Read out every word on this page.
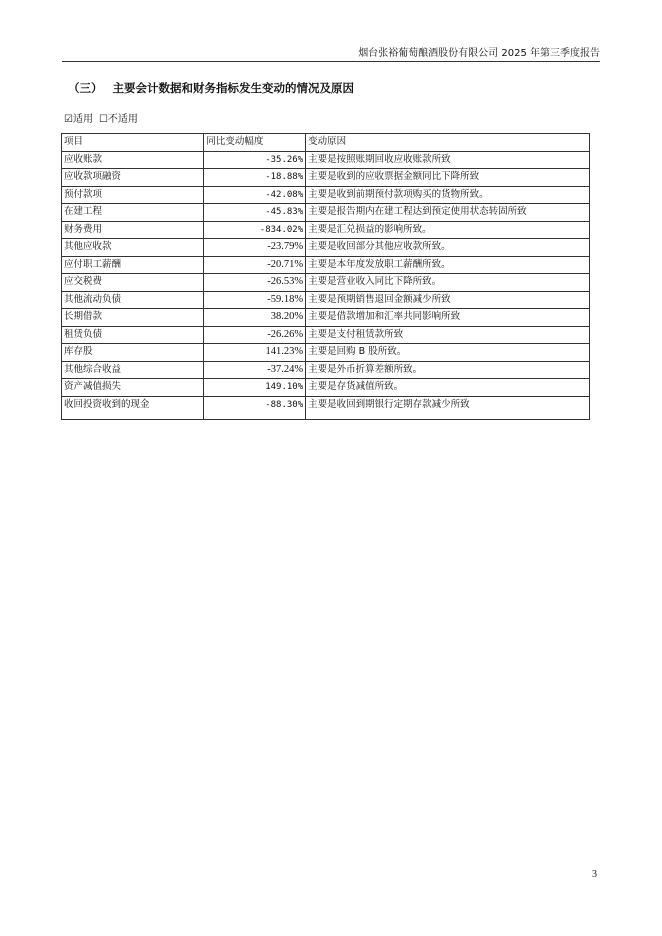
烟台张裕葡萄酿酒股份有限公司 2025 年第三季度报告
（三） 主要会计数据和财务指标发生变动的情况及原因
☑适用 ☐不适用
项目	同比变动幅度	变动原因
应收账款	-35.26%	主要是按照账期回收应收账款所致
应收款项融资	-18.88%	主要是收到的应收票据金额同比下降所致
预付款项	-42.08%	主要是收到前期预付款项购买的货物所致。
在建工程	-45.83%	主要是报告期内在建工程达到预定使用状态转固所致
财务费用	-834.02%	主要是汇兑损益的影响所致。
其他应收款	-23.79%	主要是收回部分其他应收款所致。
应付职工薪酬	-20.71%	主要是本年度发放职工薪酬所致。
应交税费	-26.53%	主要是营业收入同比下降所致。
其他流动负债	-59.18%	主要是预期销售退回金额减少所致
长期借款	38.20%	主要是借款增加和汇率共同影响所致
租赁负债	-26.26%	主要是支付租赁款所致
库存股	141.23%	主要是回购 B 股所致。
其他综合收益	-37.24%	主要是外币折算差额所致。
资产减值损失	149.10%	主要是存货减值所致。
收回投资收到的现金	-88.30%	主要是收回到期银行定期存款减少所致
3
